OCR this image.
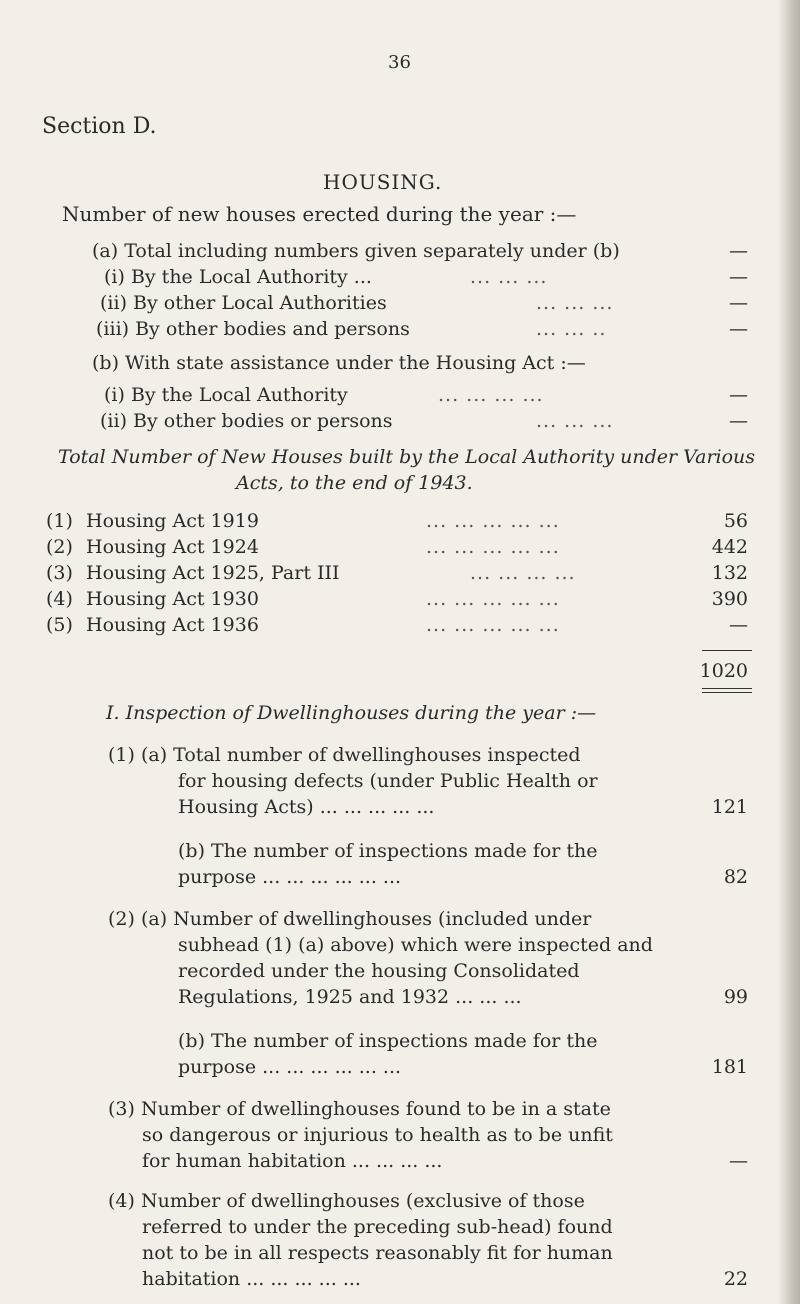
36
Section D.
HOUSING.
Number of new houses erected during the year :—
(a) Total including numbers given separately under (b)	—
(i) By the Local Authority ...	... ... ...	—
(ii) By other Local Authorities	... ... ...	—
(iii) By other bodies and persons	... ... ..	—
(b) With state assistance under the Housing Act :—
(i) By the Local Authority	... ... ... ...	—
(ii) By other bodies or persons	... ... ...	—
Total Number of New Houses built by the Local Authority under Various
Acts, to the end of 1943.
(1) Housing Act 1919	... ... ... ... ...	56
(2) Housing Act 1924	... ... ... ... ...	442
(3) Housing Act 1925, Part III	... ... ... ...	132
(4) Housing Act 1930	... ... ... ... ...	390
(5) Housing Act 1936	... ... ... ... ...	—
1020
I. Inspection of Dwellinghouses during the year :—
(1) (a) Total number of dwellinghouses inspected
for housing defects (under Public Health or
Housing Acts) ... ... ... ... ...	121
(b) The number of inspections made for the
purpose ... ... ... ... ... ...	82
(2) (a) Number of dwellinghouses (included under
subhead (1) (a) above) which were inspected and
recorded under the housing Consolidated
Regulations, 1925 and 1932 ... ... ...	99
(b) The number of inspections made for the
purpose ... ... ... ... ... ...	181
(3) Number of dwellinghouses found to be in a state
so dangerous or injurious to health as to be unfit
for human habitation ... ... ... ...	—
(4) Number of dwellinghouses (exclusive of those
referred to under the preceding sub-head) found
not to be in all respects reasonably fit for human
habitation ... ... ... ... ...	22
